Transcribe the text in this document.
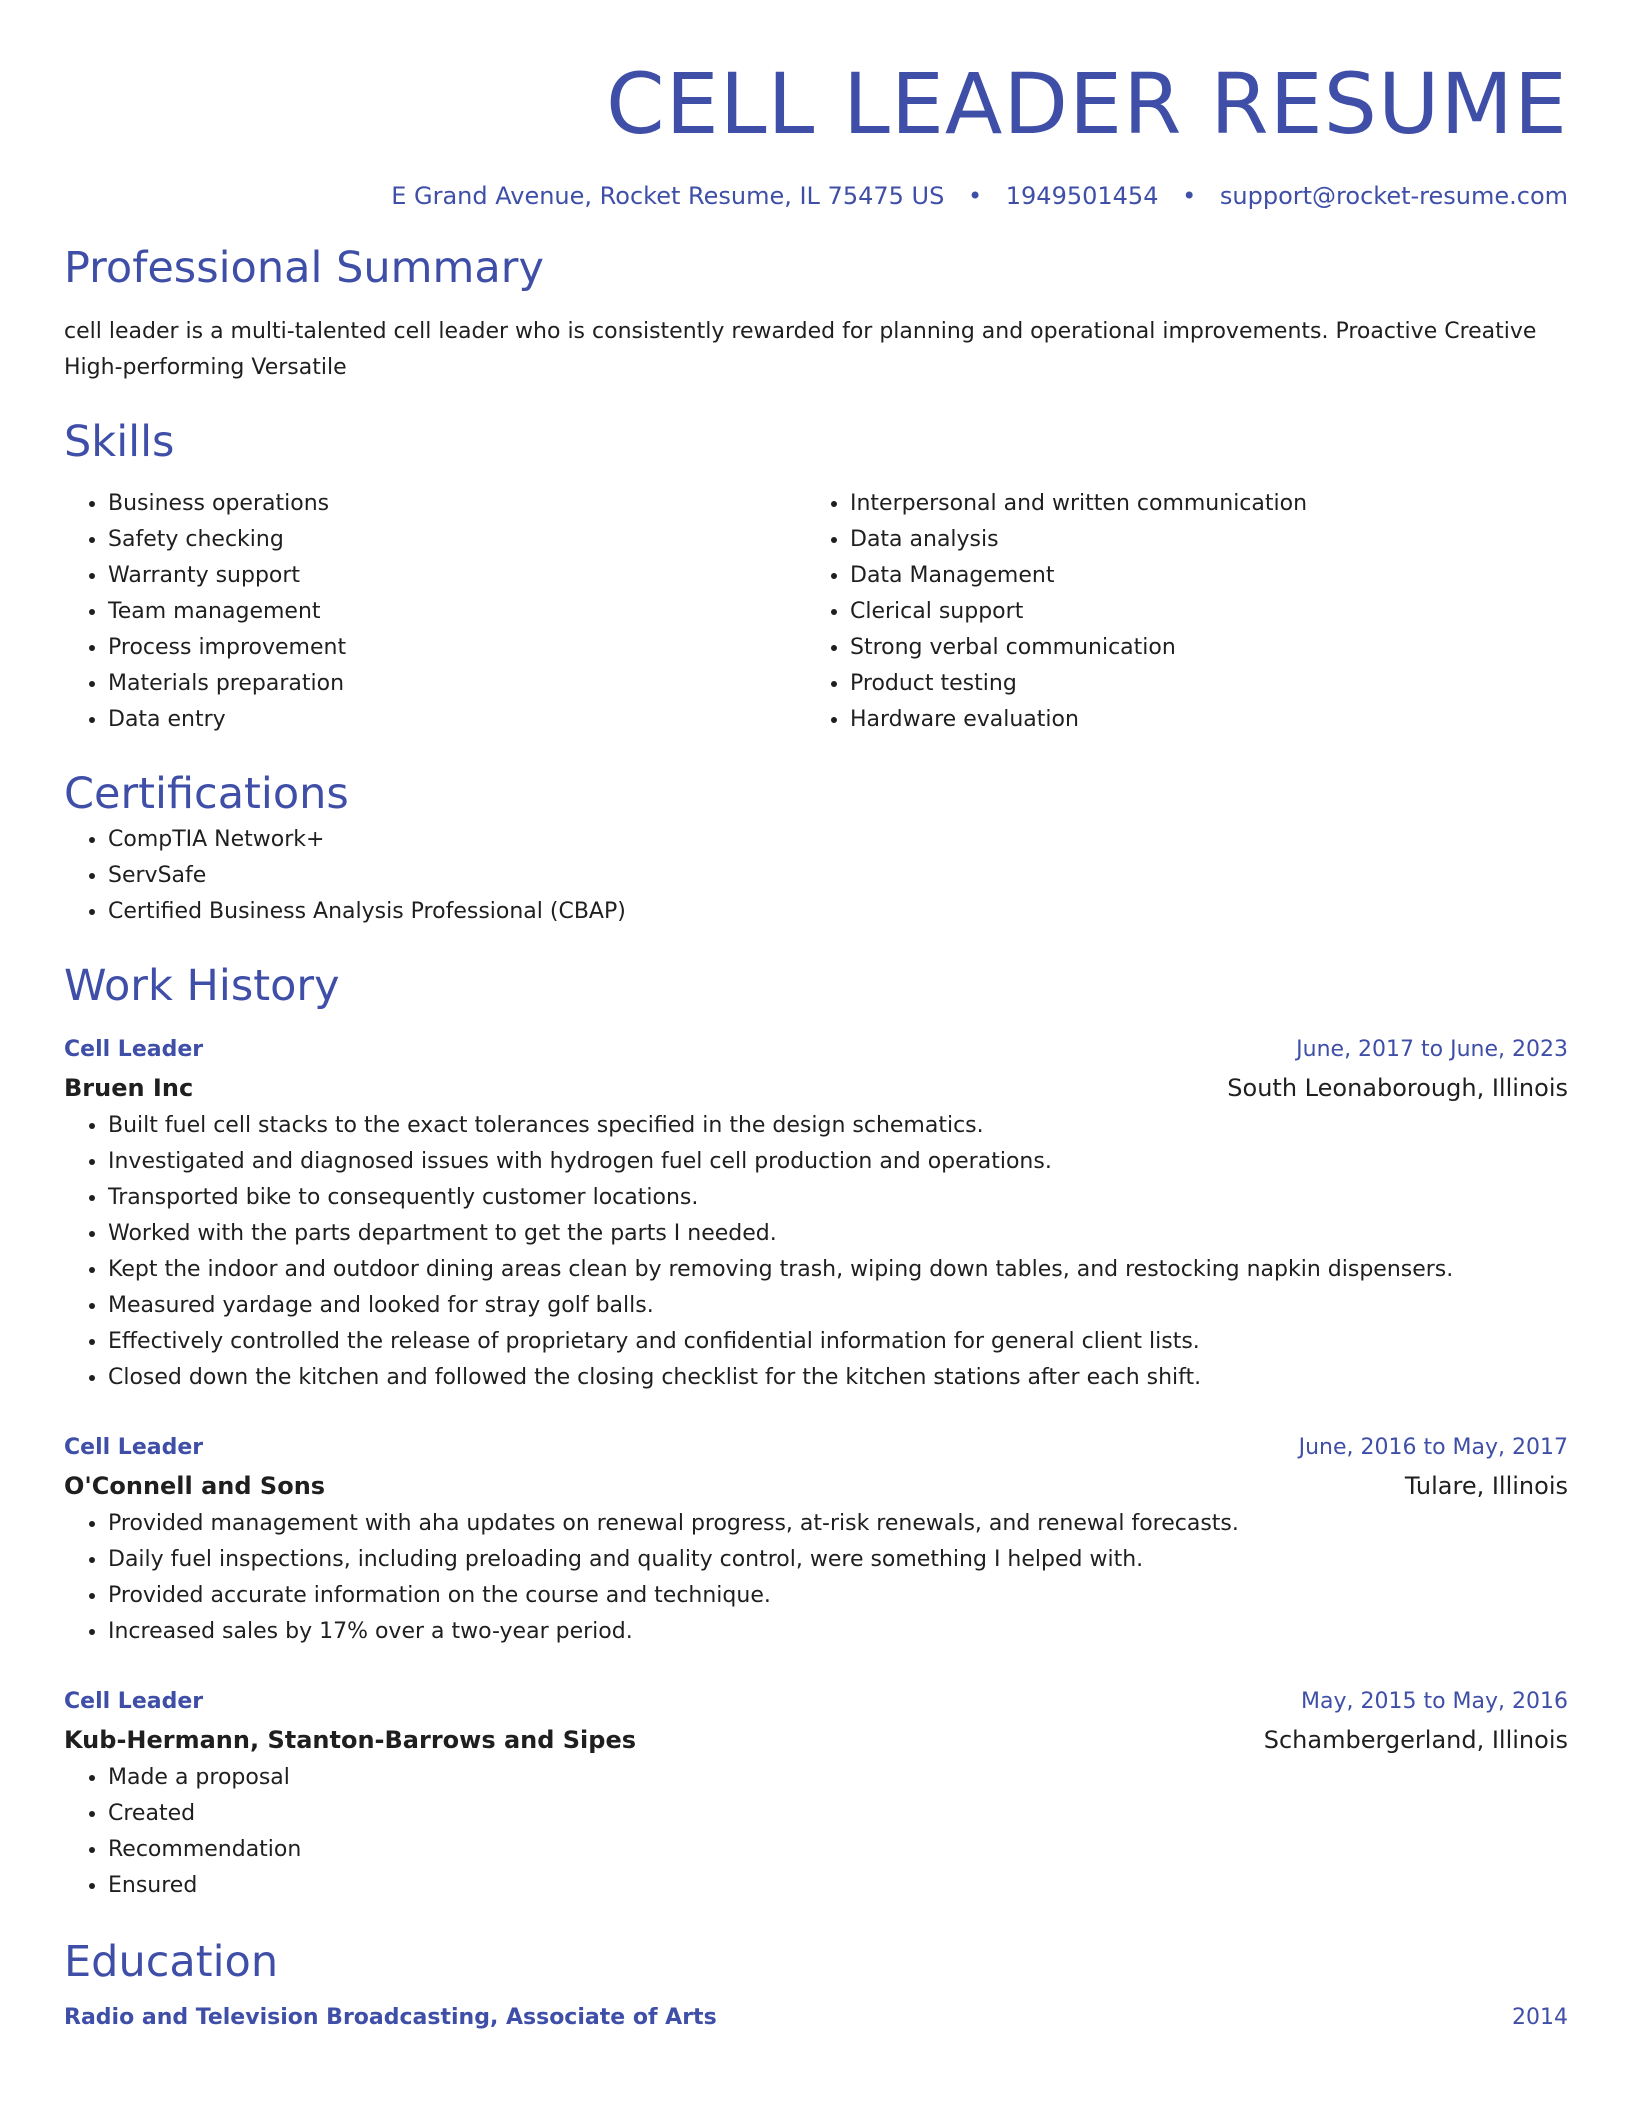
CELL LEADER RESUME
E Grand Avenue, Rocket Resume, IL 75475 US • 1949501454 • support@rocket-resume.com
Professional Summary
cell leader is a multi-talented cell leader who is consistently rewarded for planning and operational improvements. Proactive Creative High-performing Versatile
Skills
• Business operations
• Safety checking
• Warranty support
• Team management
• Process improvement
• Materials preparation
• Data entry
• Interpersonal and written communication
• Data analysis
• Data Management
• Clerical support
• Strong verbal communication
• Product testing
• Hardware evaluation
Certifications
• CompTIA Network+
• ServSafe
• Certified Business Analysis Professional (CBAP)
Work History
Cell Leader	June, 2017 to June, 2023
Bruen Inc	South Leonaborough, Illinois
• Built fuel cell stacks to the exact tolerances specified in the design schematics.
• Investigated and diagnosed issues with hydrogen fuel cell production and operations.
• Transported bike to consequently customer locations.
• Worked with the parts department to get the parts I needed.
• Kept the indoor and outdoor dining areas clean by removing trash, wiping down tables, and restocking napkin dispensers.
• Measured yardage and looked for stray golf balls.
• Effectively controlled the release of proprietary and confidential information for general client lists.
• Closed down the kitchen and followed the closing checklist for the kitchen stations after each shift.
Cell Leader	June, 2016 to May, 2017
O'Connell and Sons	Tulare, Illinois
• Provided management with aha updates on renewal progress, at-risk renewals, and renewal forecasts.
• Daily fuel inspections, including preloading and quality control, were something I helped with.
• Provided accurate information on the course and technique.
• Increased sales by 17% over a two-year period.
Cell Leader	May, 2015 to May, 2016
Kub-Hermann, Stanton-Barrows and Sipes	Schambergerland, Illinois
• Made a proposal
• Created
• Recommendation
• Ensured
Education
Radio and Television Broadcasting, Associate of Arts	2014
